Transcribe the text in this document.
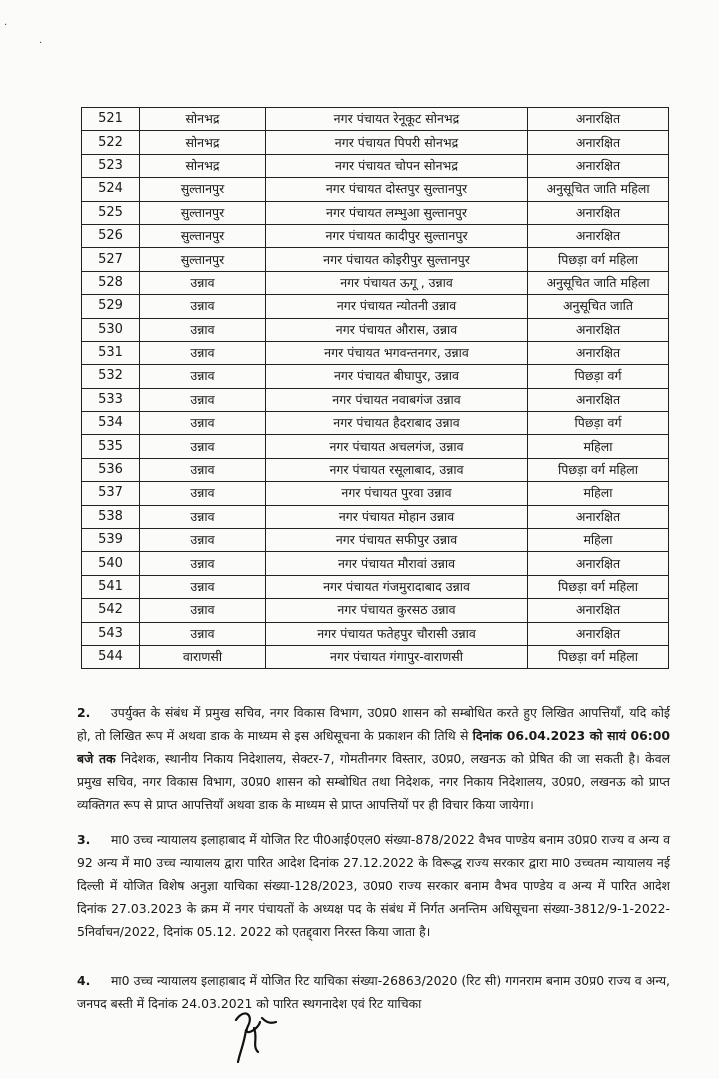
·
·
521	सोनभद्र	नगर पंचायत रेनूकूट सोनभद्र	अनारक्षित
522	सोनभद्र	नगर पंचायत पिपरी सोनभद्र	अनारक्षित
523	सोनभद्र	नगर पंचायत चोपन सोनभद्र	अनारक्षित
524	सुल्तानपुर	नगर पंचायत दोस्तपुर सुल्तानपुर	अनुसूचित जाति महिला
525	सुल्तानपुर	नगर पंचायत लम्भुआ सुल्तानपुर	अनारक्षित
526	सुल्तानपुर	नगर पंचायत कादीपुर सुल्तानपुर	अनारक्षित
527	सुल्तानपुर	नगर पंचायत कोइरीपुर सुल्तानपुर	पिछड़ा वर्ग महिला
528	उन्नाव	नगर पंचायत ऊगू , उन्नाव	अनुसूचित जाति महिला
529	उन्नाव	नगर पंचायत न्योतनी उन्नाव	अनुसूचित जाति
530	उन्नाव	नगर पंचायत औरास, उन्नाव	अनारक्षित
531	उन्नाव	नगर पंचायत भगवन्तनगर, उन्नाव	अनारक्षित
532	उन्नाव	नगर पंचायत बीघापुर, उन्नाव	पिछड़ा वर्ग
533	उन्नाव	नगर पंचायत नवाबगंज उन्नाव	अनारक्षित
534	उन्नाव	नगर पंचायत हैदराबाद उन्नाव	पिछड़ा वर्ग
535	उन्नाव	नगर पंचायत अचलगंज, उन्नाव	महिला
536	उन्नाव	नगर पंचायत रसूलाबाद, उन्नाव	पिछड़ा वर्ग महिला
537	उन्नाव	नगर पंचायत पुरवा उन्नाव	महिला
538	उन्नाव	नगर पंचायत मोहान उन्नाव	अनारक्षित
539	उन्नाव	नगर पंचायत सफीपुर उन्नाव	महिला
540	उन्नाव	नगर पंचायत मौरावां उन्नाव	अनारक्षित
541	उन्नाव	नगर पंचायत गंजमुरादाबाद उन्नाव	पिछड़ा वर्ग महिला
542	उन्नाव	नगर पंचायत कुरसठ उन्नाव	अनारक्षित
543	उन्नाव	नगर पंचायत फतेहपुर चौरासी उन्नाव	अनारक्षित
544	वाराणसी	नगर पंचायत गंगापुर-वाराणसी	पिछड़ा वर्ग महिला
2. उपर्युक्त के संबंध में प्रमुख सचिव, नगर विकास विभाग, उ0प्र0 शासन को सम्बोधित करते हुए लिखित आपत्तियाँ, यदि कोई हो, तो लिखित रूप में अथवा डाक के माध्यम से इस अधिसूचना के प्रकाशन की तिथि से दिनांक 06.04.2023 को सायं 06:00 बजे तक निदेशक, स्थानीय निकाय निदेशालय, सेक्टर-7, गोमतीनगर विस्तार, उ0प्र0, लखनऊ को प्रेषित की जा सकती है। केवल प्रमुख सचिव, नगर विकास विभाग, उ0प्र0 शासन को सम्बोधित तथा निदेशक, नगर निकाय निदेशालय, उ0प्र0, लखनऊ को प्राप्त व्यक्तिगत रूप से प्राप्त आपत्तियाँ अथवा डाक के माध्यम से प्राप्त आपत्तियों पर ही विचार किया जायेगा।
3. मा0 उच्च न्यायालय इलाहाबाद में योजित रिट पी0आई0एल0 संख्या-878/2022 वैभव पाण्डेय बनाम उ0प्र0 राज्य व अन्य व 92 अन्य में मा0 उच्च न्यायालय द्वारा पारित आदेश दिनांक 27.12.2022 के विरूद्ध राज्य सरकार द्वारा मा0 उच्चतम न्यायालय नई दिल्ली में योजित विशेष अनुज्ञा याचिका संख्या-128/2023, उ0प्र0 राज्य सरकार बनाम वैभव पाण्डेय व अन्य में पारित आदेश दिनांक 27.03.2023 के क्रम में नगर पंचायतों के अध्यक्ष पद के संबंध में निर्गत अनन्तिम अधिसूचना संख्या-3812/9-1-2022-5निर्वाचन/2022, दिनांक 05.12. 2022 को एतद्द्वारा निरस्त किया जाता है।
4. मा0 उच्च न्यायालय इलाहाबाद में योजित रिट याचिका संख्या-26863/2020 (रिट सी) गगनराम बनाम उ0प्र0 राज्य व अन्य, जनपद बस्ती में दिनांक 24.03.2021 को पारित स्थगनादेश एवं रिट याचिका
